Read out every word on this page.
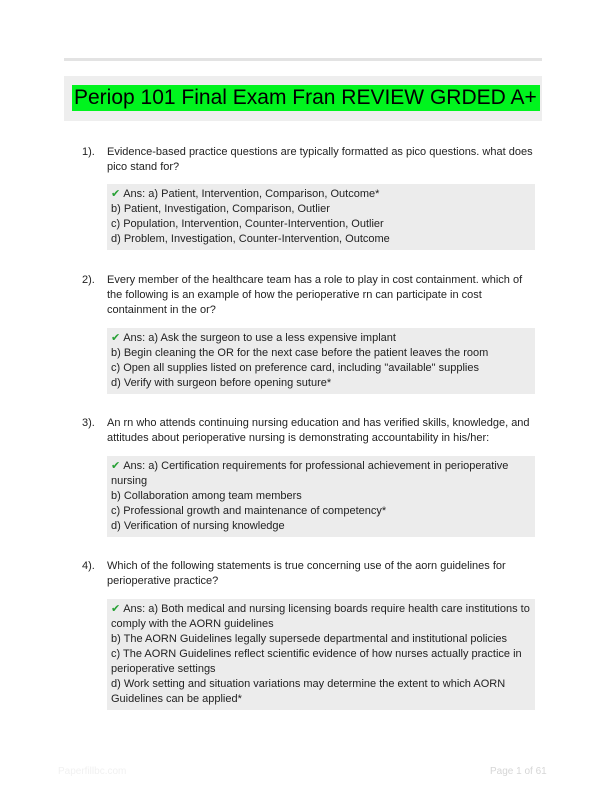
Periop 101 Final Exam Fran REVIEW GRDED A+
1). Evidence-based practice questions are typically formatted as pico questions. what does pico stand for?
✔ Ans: a) Patient, Intervention, Comparison, Outcome*
b) Patient, Investigation, Comparison, Outlier
c) Population, Intervention, Counter-Intervention, Outlier
d) Problem, Investigation, Counter-Intervention, Outcome
2). Every member of the healthcare team has a role to play in cost containment. which of the following is an example of how the perioperative rn can participate in cost containment in the or?
✔ Ans: a) Ask the surgeon to use a less expensive implant
b) Begin cleaning the OR for the next case before the patient leaves the room
c) Open all supplies listed on preference card, including "available" supplies
d) Verify with surgeon before opening suture*
3). An rn who attends continuing nursing education and has verified skills, knowledge, and attitudes about perioperative nursing is demonstrating accountability in his/her:
✔ Ans: a) Certification requirements for professional achievement in perioperative nursing
b) Collaboration among team members
c) Professional growth and maintenance of competency*
d) Verification of nursing knowledge
4). Which of the following statements is true concerning use of the aorn guidelines for perioperative practice?
✔ Ans: a) Both medical and nursing licensing boards require health care institutions to comply with the AORN guidelines
b) The AORN Guidelines legally supersede departmental and institutional policies
c) The AORN Guidelines reflect scientific evidence of how nurses actually practice in perioperative settings
d) Work setting and situation variations may determine the extent to which AORN Guidelines can be applied*
Paperfillbc.com	Page 1 of 61
